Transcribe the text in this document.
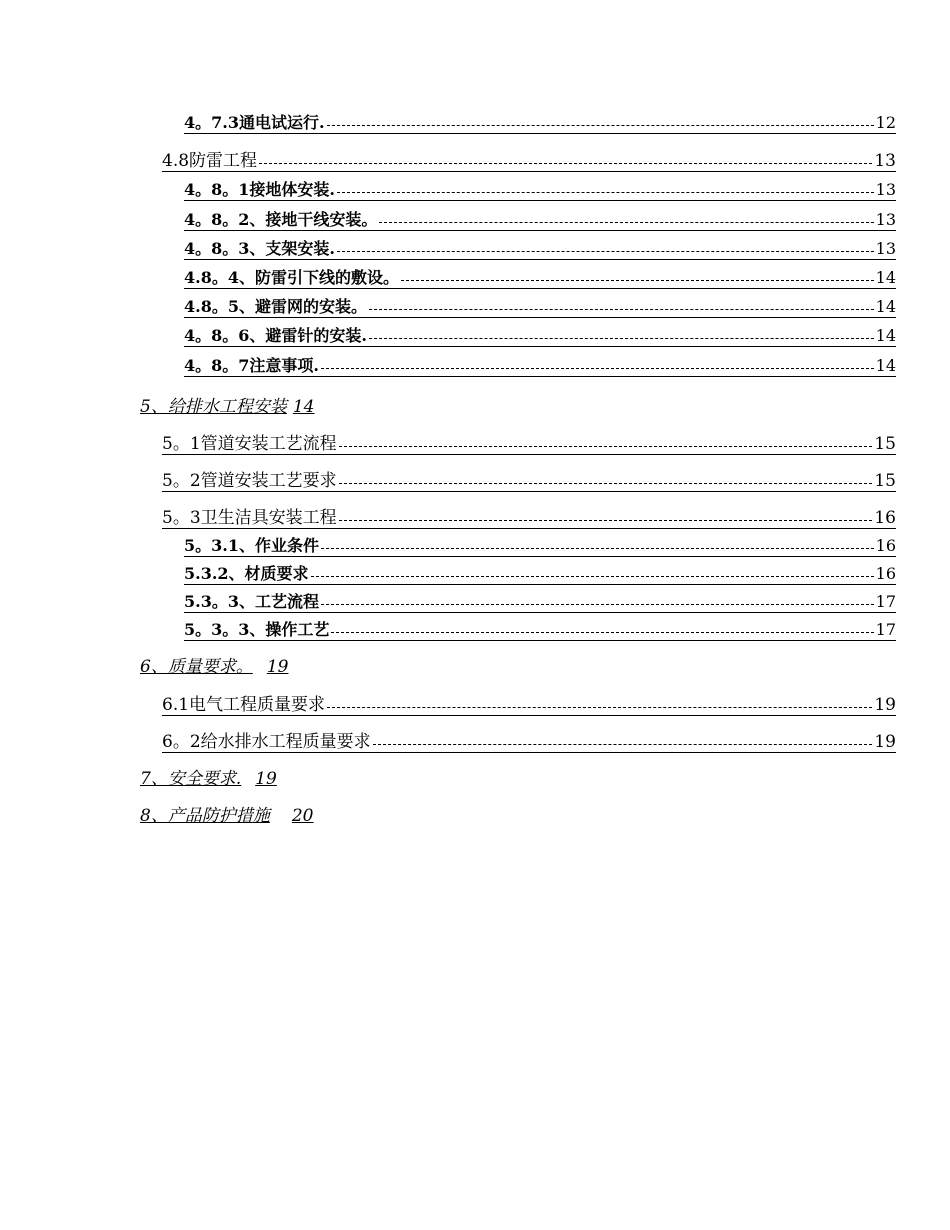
4。7.3通电试运行.	12
4.8防雷工程	13
4。8。1接地体安装.	13
4。8。2、接地干线安装。	13
4。8。3、支架安装.	13
4.8。4、防雷引下线的敷设。	14
4.8。5、避雷网的安装。	14
4。8。6、避雷针的安装.	14
4。8。7注意事项.	14
5、给排水工程安装 14
5。1管道安装工艺流程	15
5。2管道安装工艺要求	15
5。3卫生洁具安装工程	16
5。3.1、作业条件	16
5.3.2、材质要求	16
5.3。3、工艺流程	17
5。3。3、操作工艺	17
6、质量要求。 19
6.1电气工程质量要求	19
6。2给水排水工程质量要求	19
7、安全要求. 19
8、产品防护措施 20
